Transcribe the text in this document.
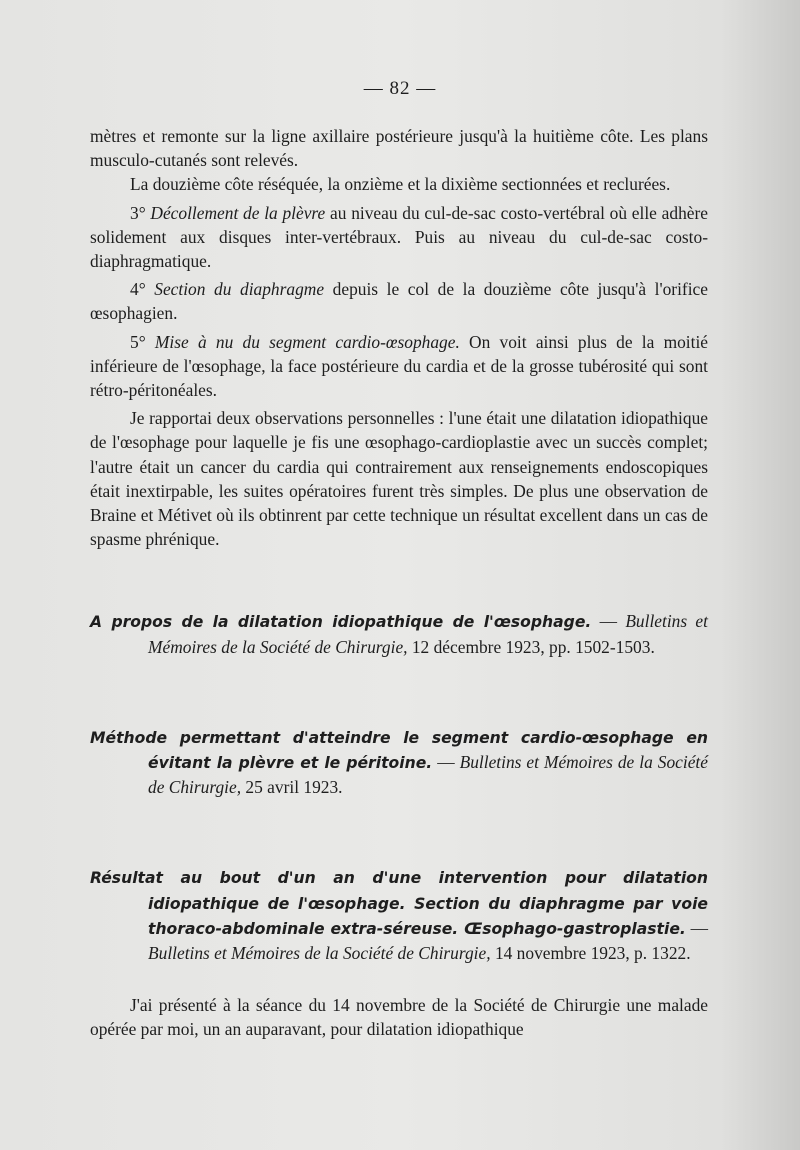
— 82 —

mètres et remonte sur la ligne axillaire postérieure jusqu'à la huitième côte. Les plans musculo-cutanés sont relevés.

La douzième côte réséquée, la onzième et la dixième sectionnées et reclurées.

3° Décollement de la plèvre au niveau du cul-de-sac costo-vertébral où elle adhère solidement aux disques inter-vertébraux. Puis au niveau du cul-de-sac costo-diaphragmatique.

4° Section du diaphragme depuis le col de la douzième côte jusqu'à l'orifice œsophagien.

5° Mise à nu du segment cardio-œsophage. On voit ainsi plus de la moitié inférieure de l'œsophage, la face postérieure du cardia et de la grosse tubérosité qui sont rétro-péritonéales.

Je rapportai deux observations personnelles : l'une était une dilatation idiopathique de l'œsophage pour laquelle je fis une œsophago-cardioplastie avec un succès complet; l'autre était un cancer du cardia qui contrairement aux renseignements endoscopiques était inextirpable, les suites opératoires furent très simples. De plus une observation de Braine et Métivet où ils obtinrent par cette technique un résultat excellent dans un cas de spasme phrénique.

A propos de la dilatation idiopathique de l'œsophage. — Bulletins et Mémoires de la Société de Chirurgie, 12 décembre 1923, pp. 1502-1503.

Méthode permettant d'atteindre le segment cardio-œsophage en évitant la plèvre et le péritoine. — Bulletins et Mémoires de la Société de Chirurgie, 25 avril 1923.

Résultat au bout d'un an d'une intervention pour dilatation idiopathique de l'œsophage. Section du diaphragme par voie thoraco-abdominale extra-séreuse. Œsophago-gastroplastie. — Bulletins et Mémoires de la Société de Chirurgie, 14 novembre 1923, p. 1322.

J'ai présenté à la séance du 14 novembre de la Société de Chirurgie une malade opérée par moi, un an auparavant, pour dilatation idiopathique
